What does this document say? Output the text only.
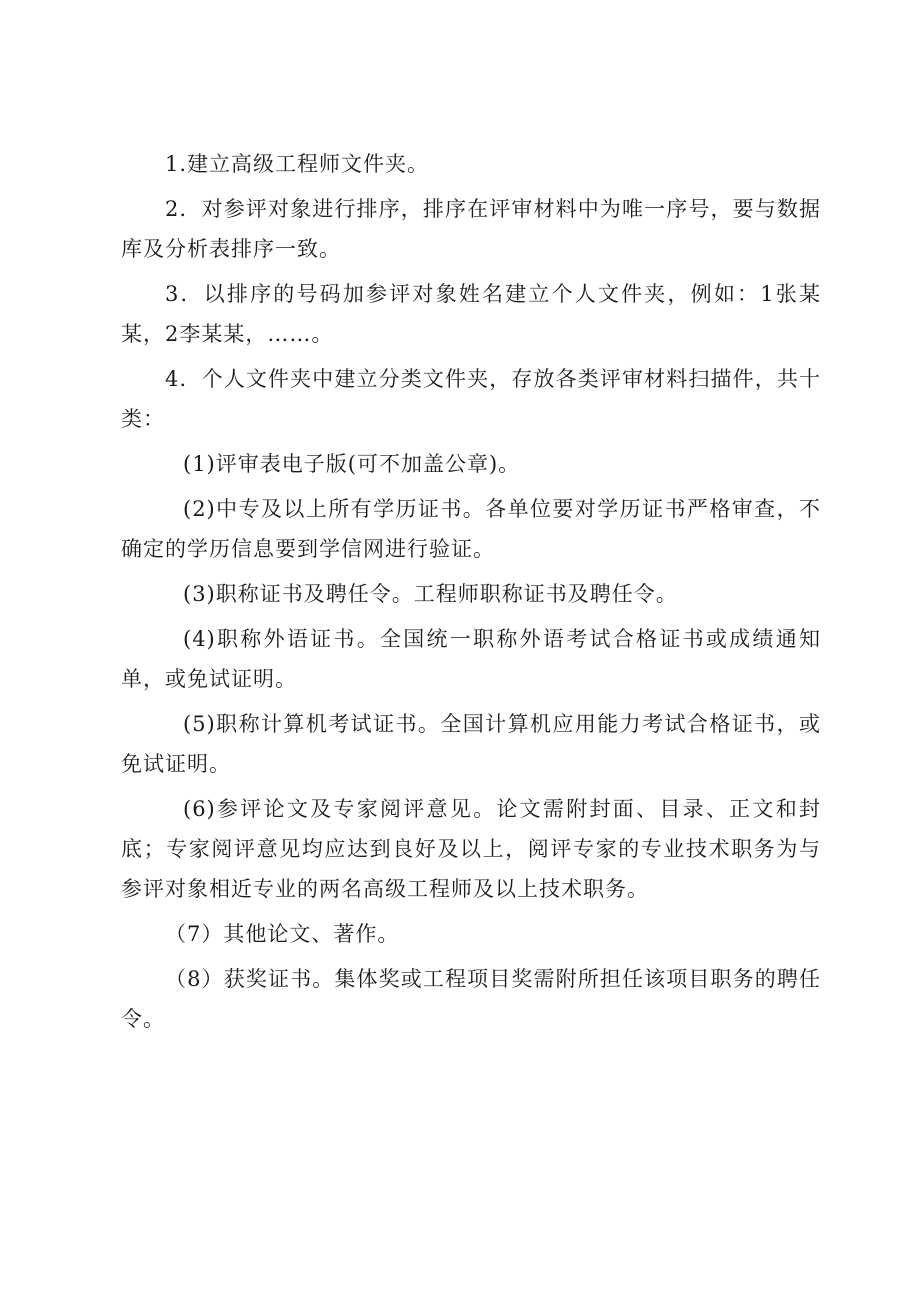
1.建立高级工程师文件夹。

2．对参评对象进行排序，排序在评审材料中为唯一序号，要与数据库及分析表排序一致。

3．以排序的号码加参评对象姓名建立个人文件夹，例如：1张某某，2李某某，……。

4．个人文件夹中建立分类文件夹，存放各类评审材料扫描件，共十类：

(1)评审表电子版(可不加盖公章)。

(2)中专及以上所有学历证书。各单位要对学历证书严格审查，不确定的学历信息要到学信网进行验证。

(3)职称证书及聘任令。工程师职称证书及聘任令。

(4)职称外语证书。全国统一职称外语考试合格证书或成绩通知单，或免试证明。

(5)职称计算机考试证书。全国计算机应用能力考试合格证书，或免试证明。

(6)参评论文及专家阅评意见。论文需附封面、目录、正文和封底；专家阅评意见均应达到良好及以上，阅评专家的专业技术职务为与参评对象相近专业的两名高级工程师及以上技术职务。

（7）其他论文、著作。

（8）获奖证书。集体奖或工程项目奖需附所担任该项目职务的聘任令。
